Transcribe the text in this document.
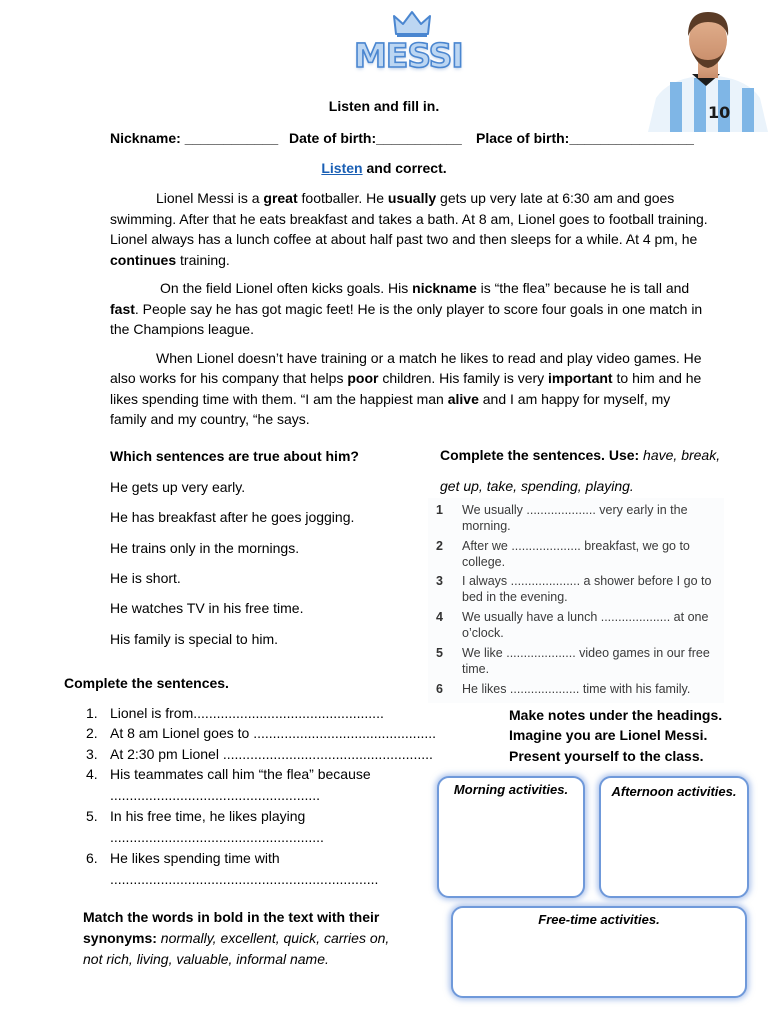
MESSI
10
Listen and fill in.
Nickname: ____________ Date of birth:___________ Place of birth:________________
Listen and correct.

Lionel Messi is a great footballer. He usually gets up very late at 6:30 am and goes swimming. After that he eats breakfast and takes a bath. At 8 am, Lionel goes to football training. Lionel always has a lunch coffee at about half past two and then sleeps for a while. At 4 pm, he continues training.

On the field Lionel often kicks goals. His nickname is “the flea” because he is tall and fast. People say he has got magic feet! He is the only player to score four goals in one match in the Champions league.

When Lionel doesn’t have training or a match he likes to read and play video games. He also works for his company that helps poor children. His family is very important to him and he likes spending time with them. “I am the happiest man alive and I am happy for myself, my family and my country, “he says.

Which sentences are true about him?
He gets up very early.
He has breakfast after he goes jogging.
He trains only in the mornings.
He is short.
He watches TV in his free time.
His family is special to him.
Complete the sentences. Use: have, break,
get up, take, spending, playing.
1 We usually .................... very early in the morning.
2 After we .................... breakfast, we go to college.
3 I always .................... a shower before I go to bed in the evening.
4 We usually have a lunch .................... at one o’clock.
5 We like .................... video games in our free time.
6 He likes .................... time with his family.
Complete the sentences.
1. Lionel is from.................................................
2. At 8 am Lionel goes to ...............................................
3. At 2:30 pm Lionel ......................................................
4. His teammates call him “the flea” because
......................................................
5. In his free time, he likes playing
.......................................................
6. He likes spending time with
.....................................................................
Make notes under the headings.
Imagine you are Lionel Messi.
Present yourself to the class.
Morning activities.	Afternoon activities.
Free-time activities.
Match the words in bold in the text with their synonyms: normally, excellent, quick, carries on, not rich, living, valuable, informal name.
